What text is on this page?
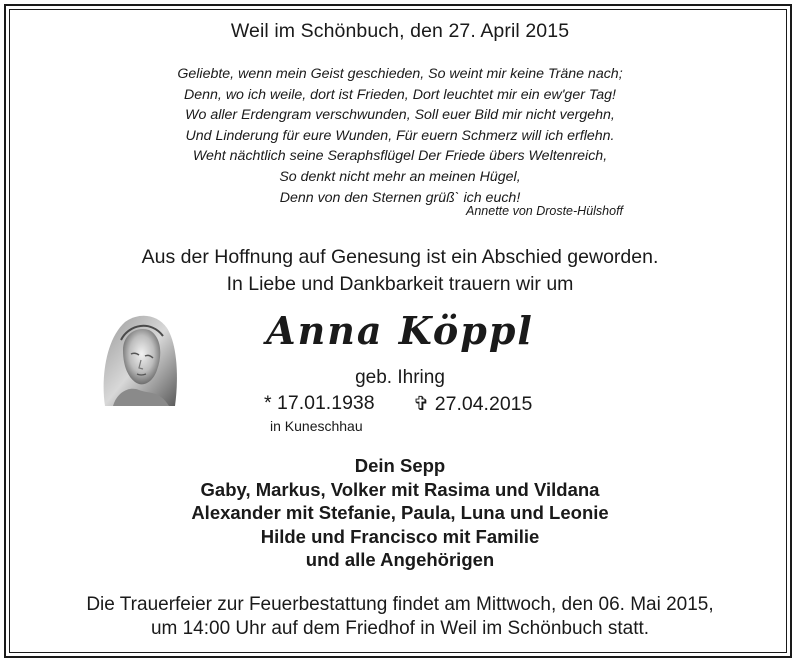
Weil im Schönbuch, den 27. April 2015
Geliebte, wenn mein Geist geschieden, So weint mir keine Träne nach;
Denn, wo ich weile, dort ist Frieden, Dort leuchtet mir ein ew'ger Tag!
Wo aller Erdengram verschwunden, Soll euer Bild mir nicht vergehn,
Und Linderung für eure Wunden, Für euern Schmerz will ich erflehn.
Weht nächtlich seine Seraphsflügel Der Friede übers Weltenreich,
So denkt nicht mehr an meinen Hügel,
Denn von den Sternen grüß` ich euch!
Annette von Droste-Hülshoff
Aus der Hoffnung auf Genesung ist ein Abschied geworden.
In Liebe und Dankbarkeit trauern wir um
Anna Köppl
geb. Ihring
* 17.01.1938 ✞ 27.04.2015
in Kuneschhau
Dein Sepp
Gaby, Markus, Volker mit Rasima und Vildana
Alexander mit Stefanie, Paula, Luna und Leonie
Hilde und Francisco mit Familie
und alle Angehörigen
Die Trauerfeier zur Feuerbestattung findet am Mittwoch, den 06. Mai 2015,
um 14:00 Uhr auf dem Friedhof in Weil im Schönbuch statt.
